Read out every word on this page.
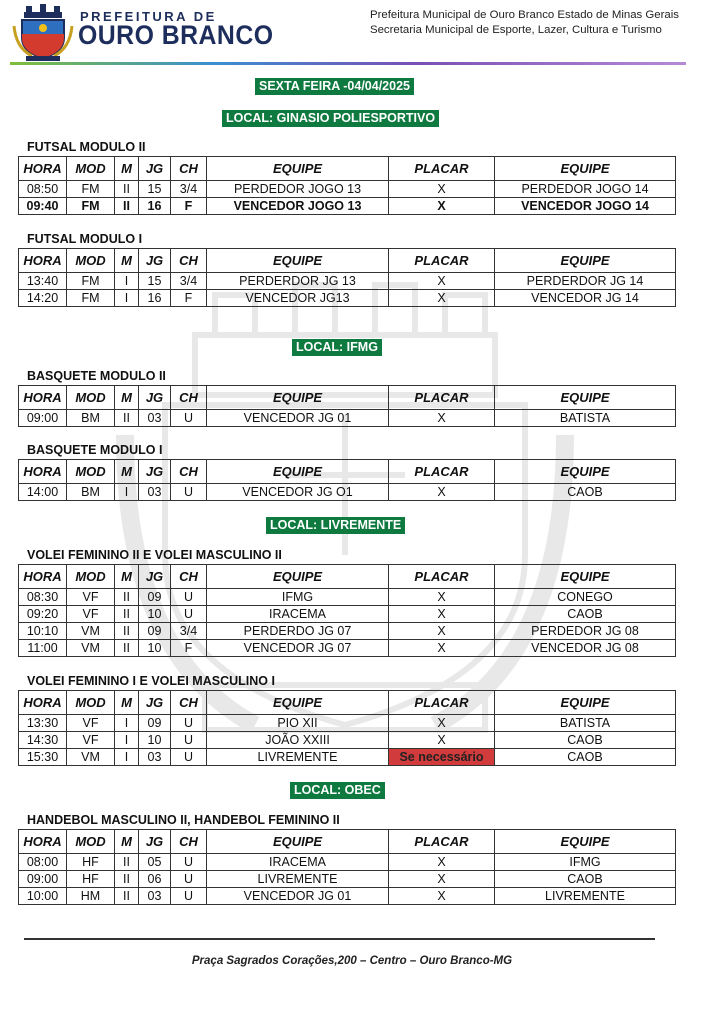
PREFEITURA DE
OURO BRANCO
Prefeitura Municipal de Ouro Branco Estado de Minas Gerais
Secretaria Municipal de Esporte, Lazer, Cultura e Turismo
SEXTA FEIRA -04/04/2025
LOCAL: GINASIO POLIESPORTIVO
FUTSAL MODULO II
HORA	MOD	M	JG	CH	EQUIPE	PLACAR	EQUIPE
08:50	FM	II	15	3/4	PERDEDOR JOGO 13	X	PERDEDOR JOGO 14
09:40	FM	II	16	F	VENCEDOR JOGO 13	X	VENCEDOR JOGO 14
FUTSAL MODULO I
HORA	MOD	M	JG	CH	EQUIPE	PLACAR	EQUIPE
13:40	FM	I	15	3/4	PERDERDOR JG 13	X	PERDERDOR JG 14
14:20	FM	I	16	F	VENCEDOR JG13	X	VENCEDOR JG 14
LOCAL: IFMG
BASQUETE MODULO II
HORA	MOD	M	JG	CH	EQUIPE	PLACAR	EQUIPE
09:00	BM	II	03	U	VENCEDOR JG 01	X	BATISTA
BASQUETE MODULO I
HORA	MOD	M	JG	CH	EQUIPE	PLACAR	EQUIPE
14:00	BM	I	03	U	VENCEDOR JG O1	X	CAOB
LOCAL: LIVREMENTE
VOLEI FEMININO II E VOLEI MASCULINO II
HORA	MOD	M	JG	CH	EQUIPE	PLACAR	EQUIPE
08:30	VF	II	09	U	IFMG	X	CONEGO
09:20	VF	II	10	U	IRACEMA	X	CAOB
10:10	VM	II	09	3/4	PERDERDO JG 07	X	PERDEDOR JG 08
11:00	VM	II	10	F	VENCEDOR JG 07	X	VENCEDOR JG 08
VOLEI FEMININO I E VOLEI MASCULINO I
HORA	MOD	M	JG	CH	EQUIPE	PLACAR	EQUIPE
13:30	VF	I	09	U	PIO XII	X	BATISTA
14:30	VF	I	10	U	JOÃO XXIII	X	CAOB
15:30	VM	I	03	U	LIVREMENTE	Se necessário	CAOB
LOCAL: OBEC
HANDEBOL MASCULINO II, HANDEBOL FEMININO II
HORA	MOD	M	JG	CH	EQUIPE	PLACAR	EQUIPE
08:00	HF	II	05	U	IRACEMA	X	IFMG
09:00	HF	II	06	U	LIVREMENTE	X	CAOB
10:00	HM	II	03	U	VENCEDOR JG 01	X	LIVREMENTE
Praça Sagrados Corações,200 – Centro – Ouro Branco-MG
